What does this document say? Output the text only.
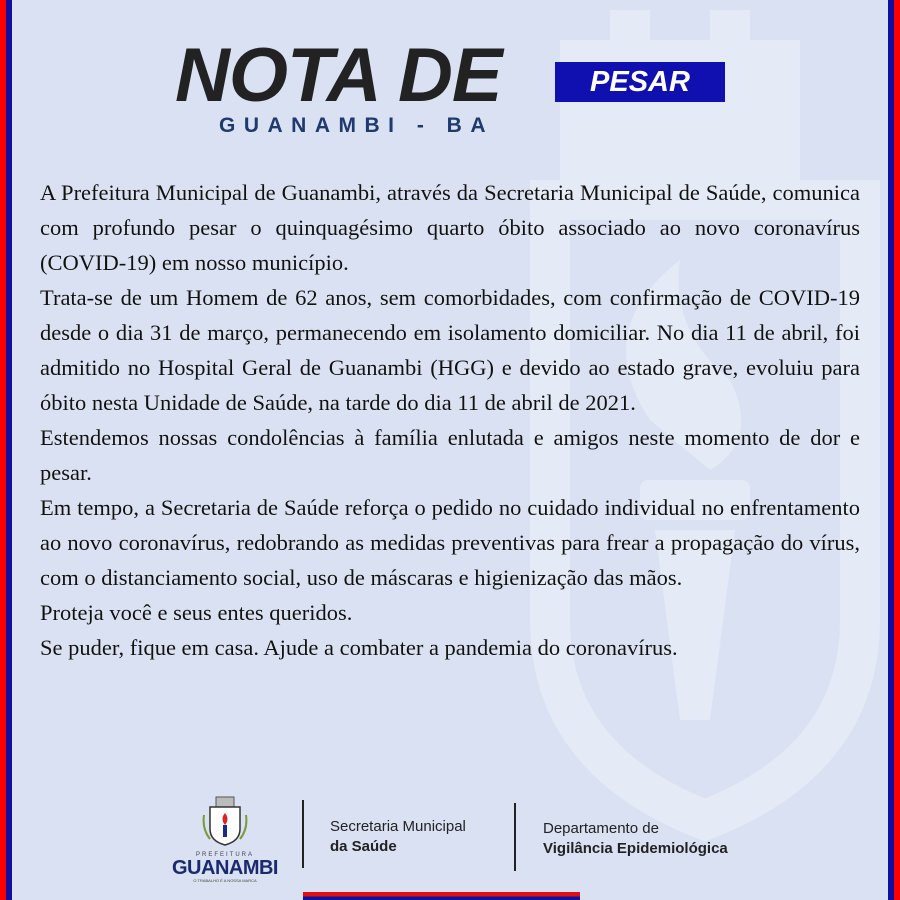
NOTA DE	PESAR
GUANAMBI - BA

A Prefeitura Municipal de Guanambi, através da Secretaria Municipal de Saúde, comunica com profundo pesar o quinquagésimo quarto óbito associado ao novo coronavírus (COVID-19) em nosso município.

Trata-se de um Homem de 62 anos, sem comorbidades, com confirmação de COVID-19 desde o dia 31 de março, permanecendo em isolamento domiciliar. No dia 11 de abril, foi admitido no Hospital Geral de Guanambi (HGG) e devido ao estado grave, evoluiu para óbito nesta Unidade de Saúde, na tarde do dia 11 de abril de 2021.

Estendemos nossas condolências à família enlutada e amigos neste momento de dor e pesar.

Em tempo, a Secretaria de Saúde reforça o pedido no cuidado individual no enfrentamento ao novo coronavírus, redobrando as medidas preventivas para frear a propagação do vírus, com o distanciamento social, uso de máscaras e higienização das mãos.

Proteja você e seus entes queridos.

Se puder, fique em casa. Ajude a combater a pandemia do coronavírus.

PREFEITURA
GUANAMBI
O TRABALHO É A NOSSA MARCA
Secretaria Municipal
da Saúde
Departamento de
Vigilância Epidemiológica
